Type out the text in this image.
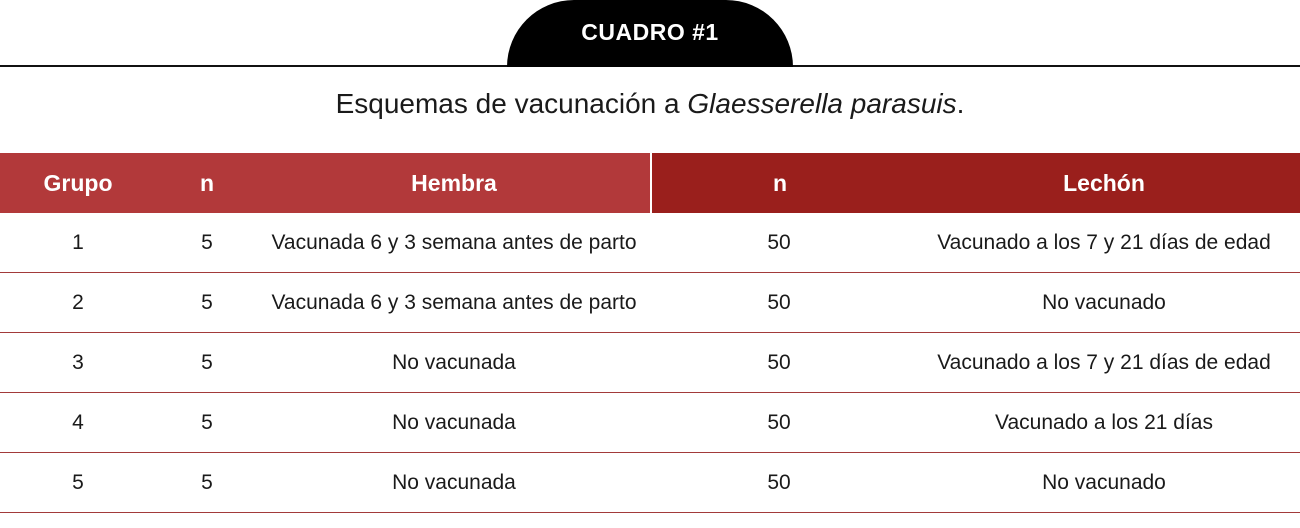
CUADRO #1
Esquemas de vacunación a Glaesserella parasuis.
Grupo	n	Hembra	n	Lechón
1	5	Vacunada 6 y 3 semana antes de parto	50	Vacunado a los 7 y 21 días de edad
2	5	Vacunada 6 y 3 semana antes de parto	50	No vacunado
3	5	No vacunada	50	Vacunado a los 7 y 21 días de edad
4	5	No vacunada	50	Vacunado a los 21 días
5	5	No vacunada	50	No vacunado
